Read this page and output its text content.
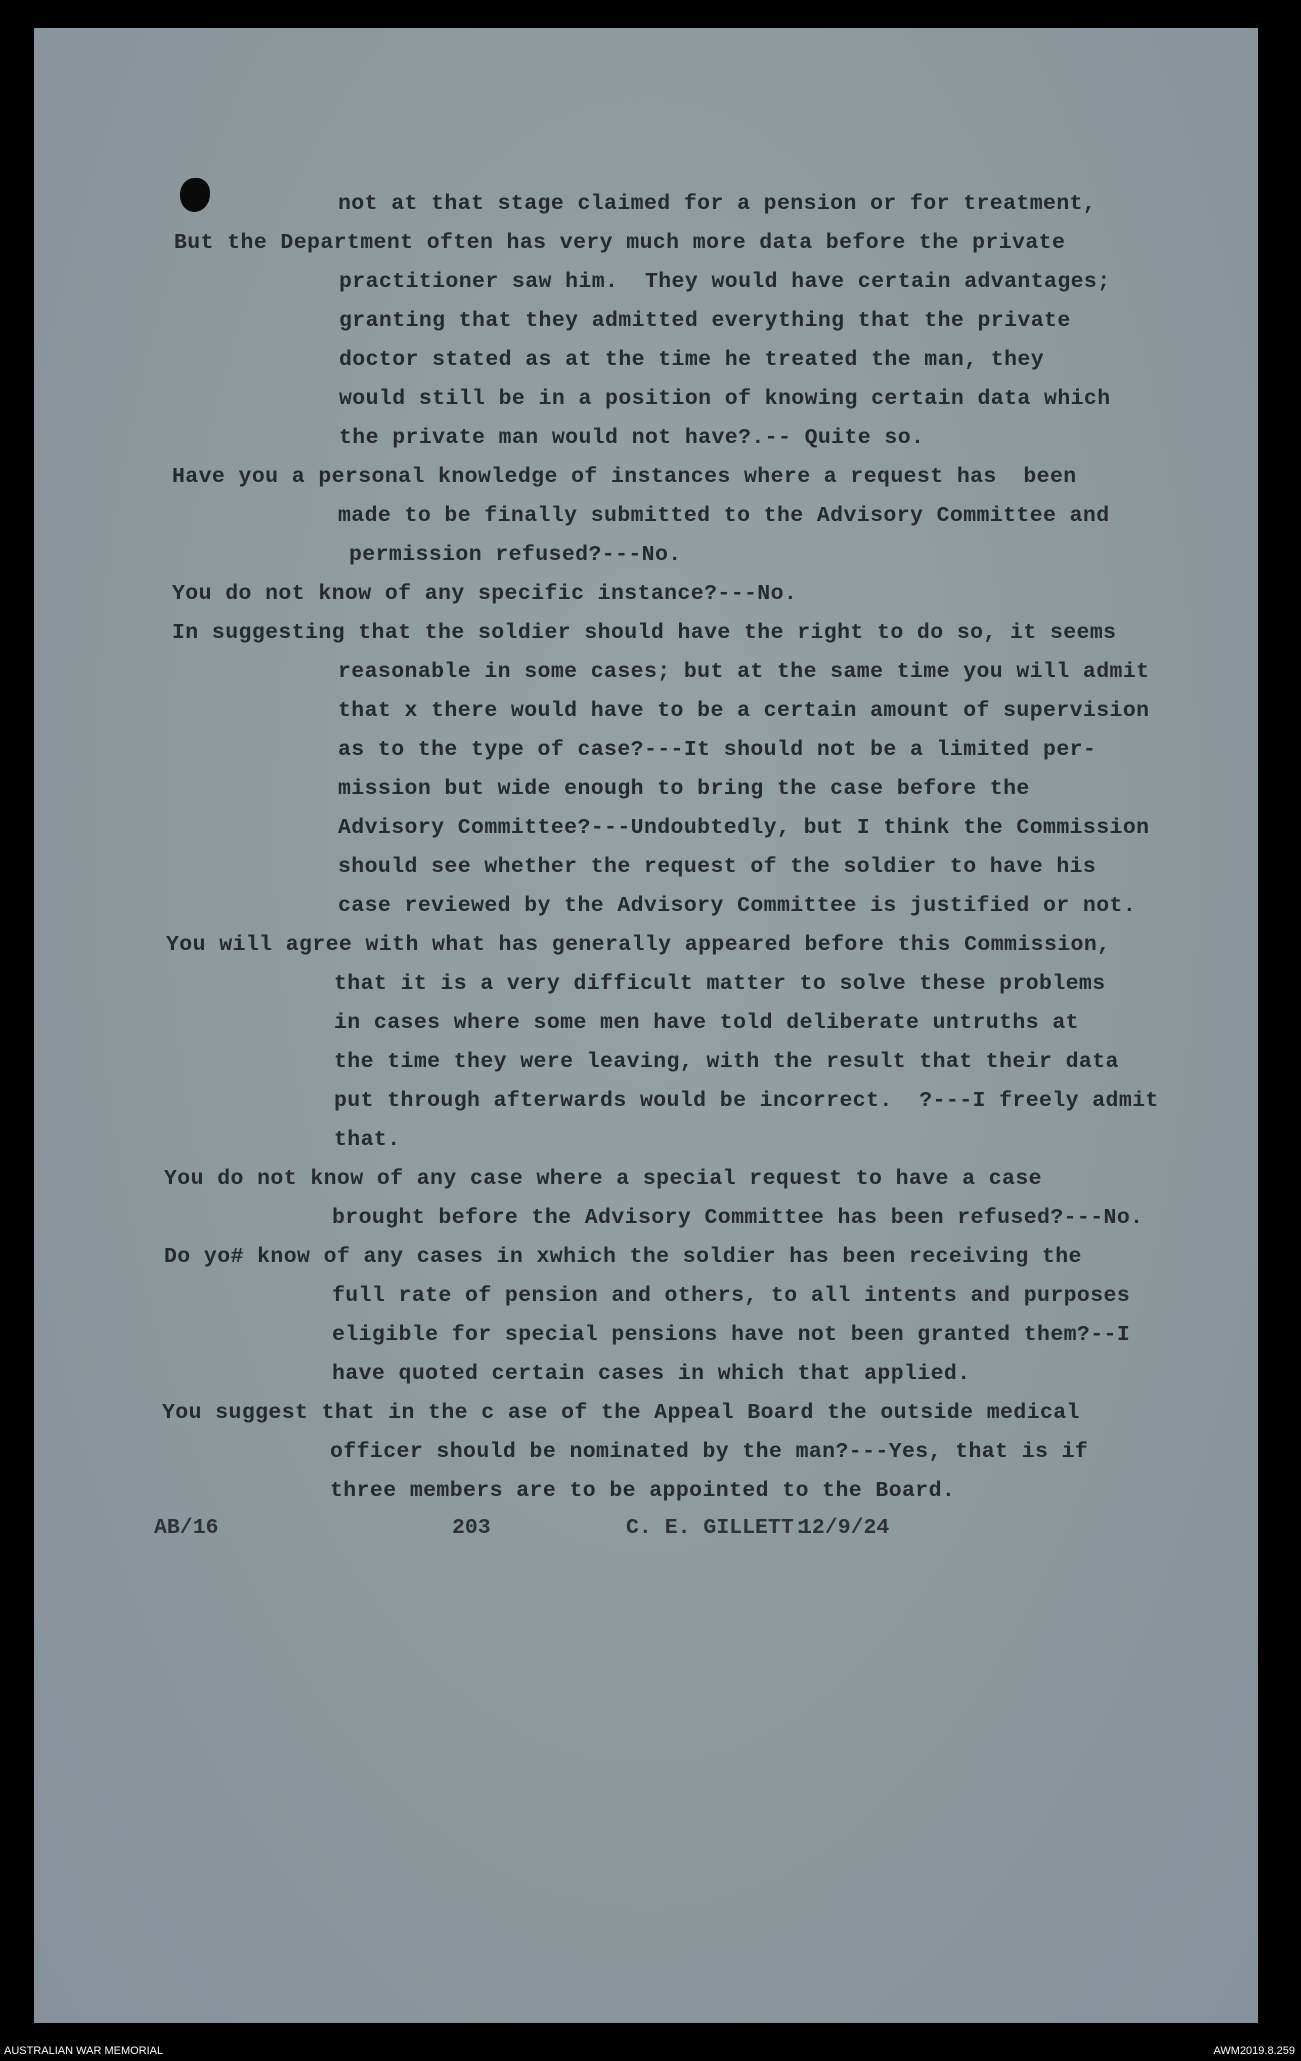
not at that stage claimed for a pension or for treatment,
But the Department often has very much more data before the private
practitioner saw him.  They would have certain advantages;
granting that they admitted everything that the private
doctor stated as at the time he treated the man, they
would still be in a position of knowing certain data which
the private man would not have?.-- Quite so.
Have you a personal knowledge of instances where a request has  been
made to be finally submitted to the Advisory Committee and
permission refused?---No.
You do not know of any specific instance?---No.
In suggesting that the soldier should have the right to do so, it seems
reasonable in some cases; but at the same time you will admit
that x there would have to be a certain amount of supervision
as to the type of case?---It should not be a limited per-
mission but wide enough to bring the case before the
Advisory Committee?---Undoubtedly, but I think the Commission
should see whether the request of the soldier to have his
case reviewed by the Advisory Committee is justified or not.
You will agree with what has generally appeared before this Commission,
that it is a very difficult matter to solve these problems
in cases where some men have told deliberate untruths at
the time they were leaving, with the result that their data
put through afterwards would be incorrect.  ?---I freely admit
that.
You do not know of any case where a special request to have a case
brought before the Advisory Committee has been refused?---No.
Do yo# know of any cases in xwhich the soldier has been receiving the
full rate of pension and others, to all intents and purposes
eligible for special pensions have not been granted them?--I
have quoted certain cases in which that applied.
You suggest that in the c ase of the Appeal Board the outside medical
officer should be nominated by the man?---Yes, that is if
three members are to be appointed to the Board.
AB/16	203	C. E. GILLETT:
12/9/24
AUSTRALIAN WAR MEMORIAL	AWM2019.8.259
